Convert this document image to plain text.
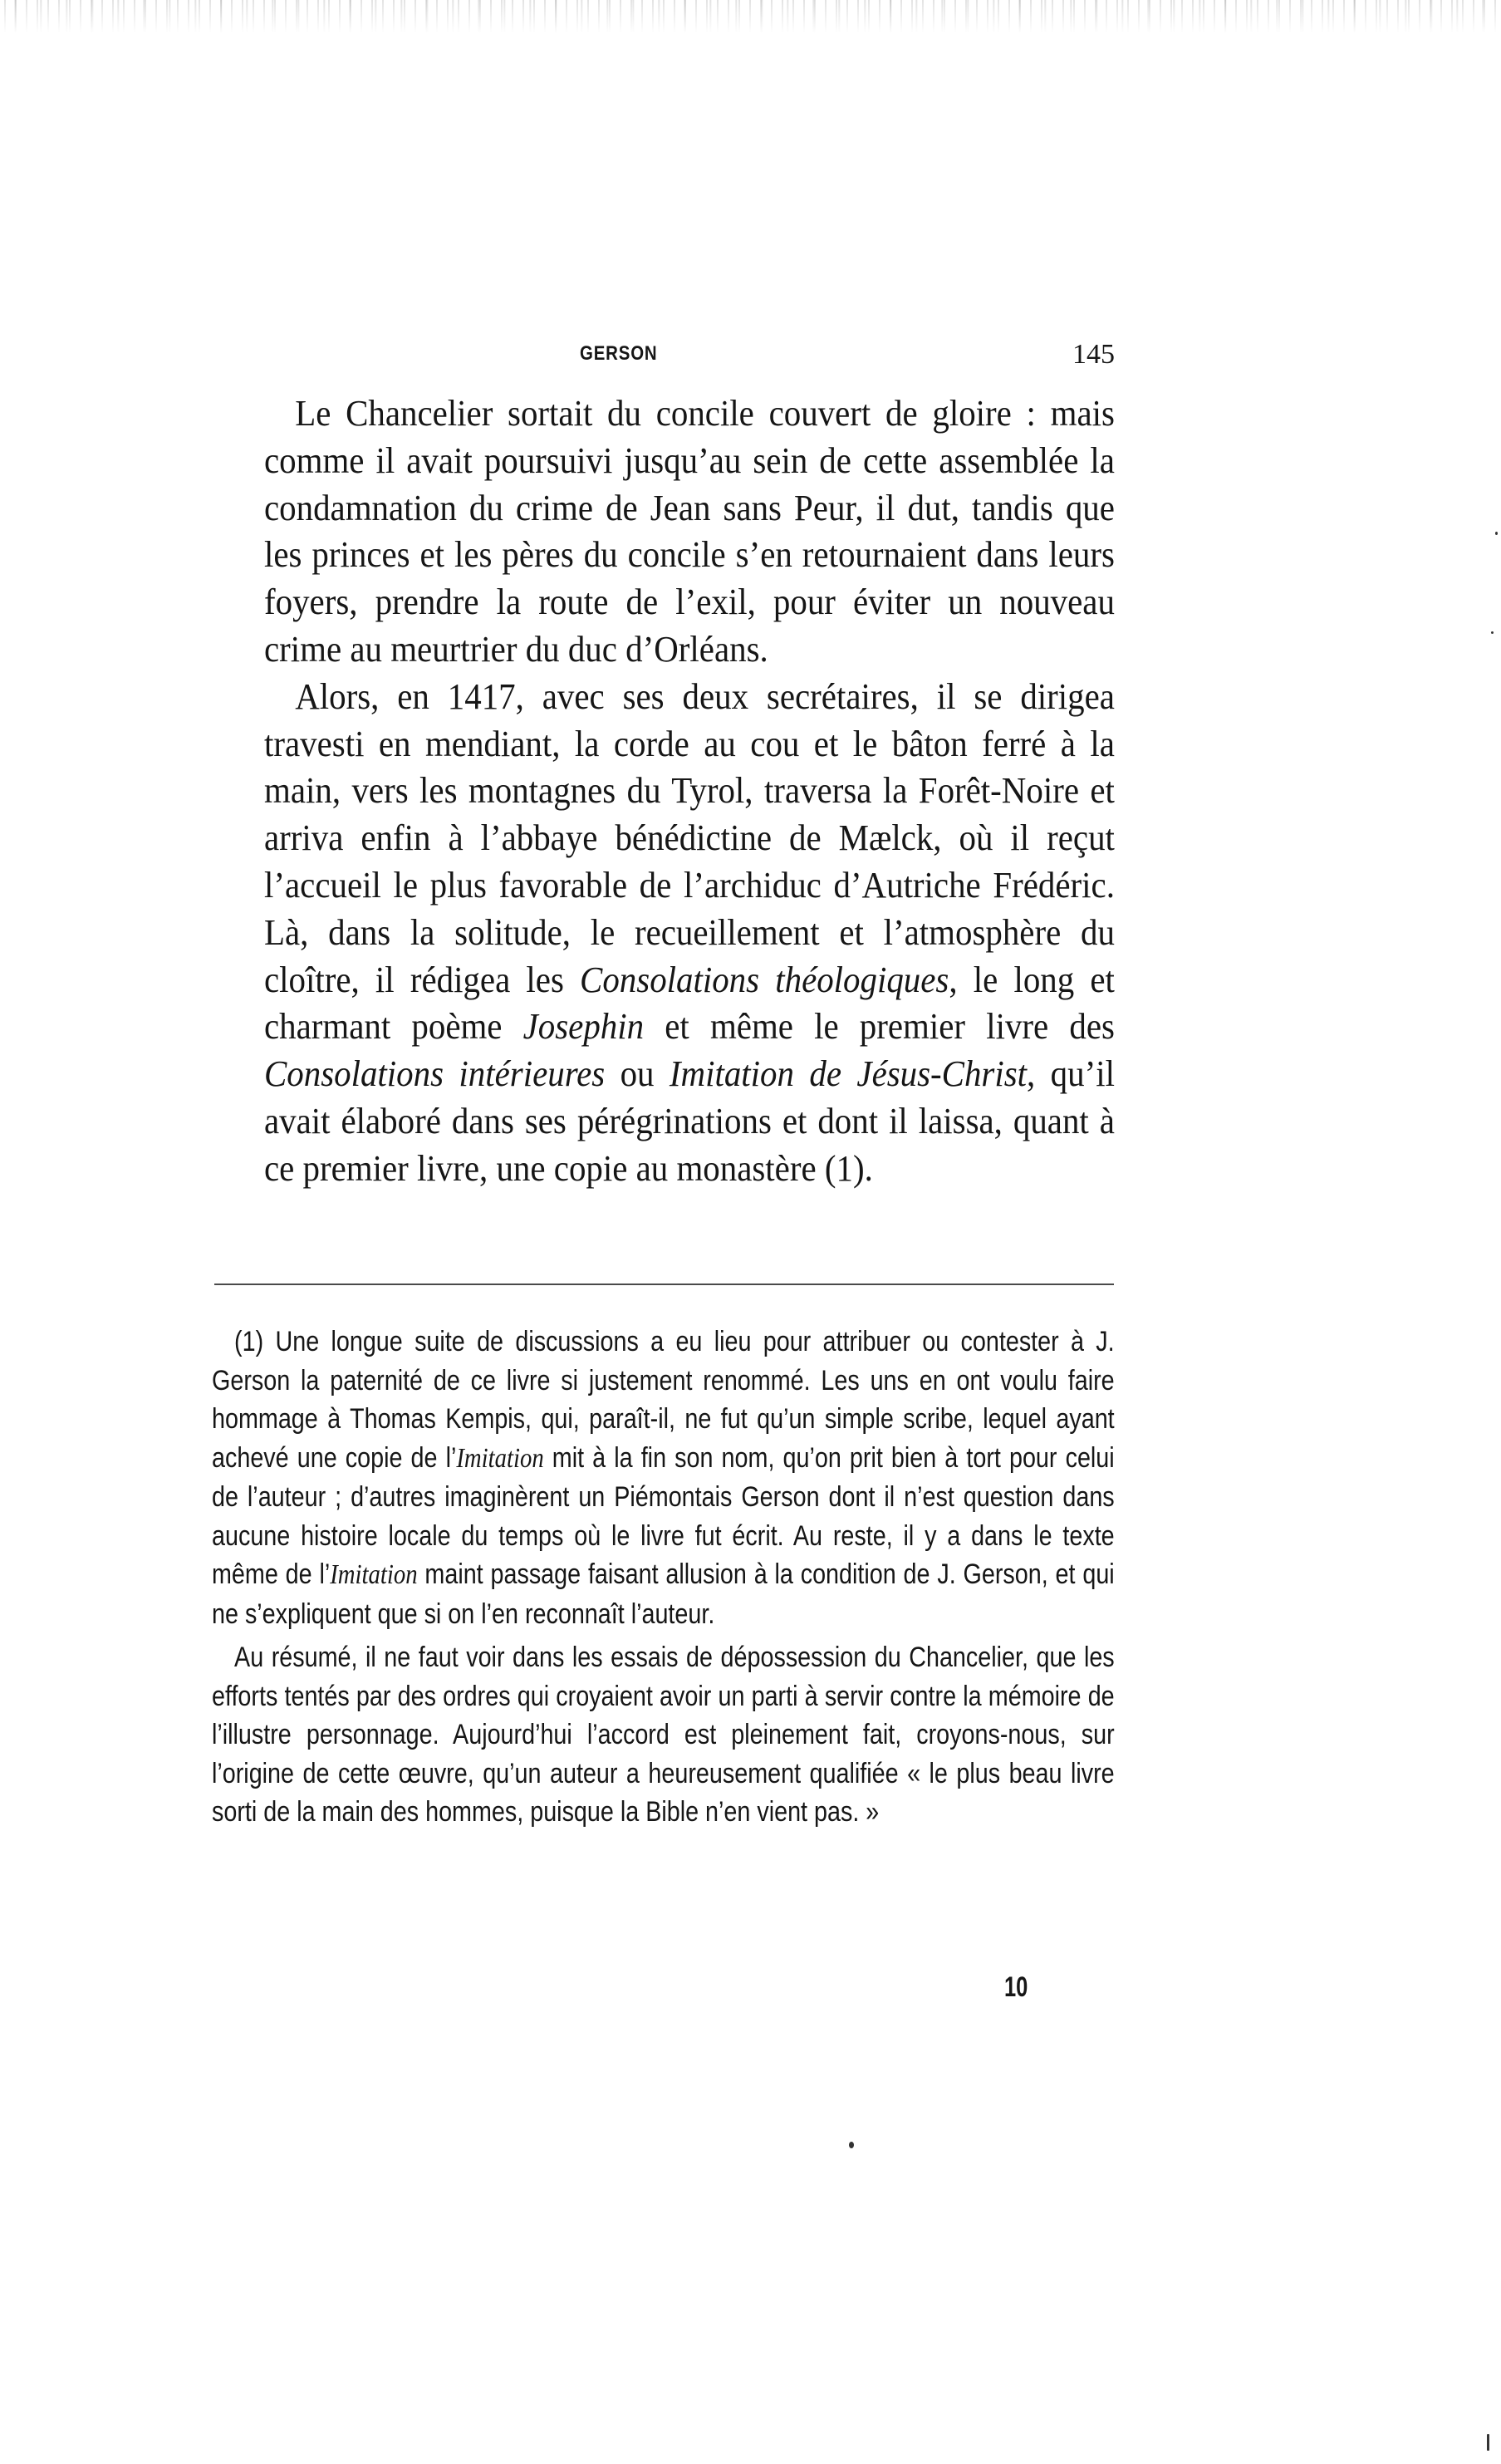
GERSON	145

Le Chancelier sortait du concile couvert de gloire : mais comme il avait poursuivi jusqu’au sein de cette assemblée la condamnation du crime de Jean sans Peur, il dut, tandis que les princes et les pères du concile s’en retournaient dans leurs foyers, prendre la route de l’exil, pour éviter un nouveau crime au meurtrier du duc d’Orléans.

Alors, en 1417, avec ses deux secrétaires, il se dirigea travesti en mendiant, la corde au cou et le bâton ferré à la main, vers les montagnes du Tyrol, traversa la Forêt-Noire et arriva enfin à l’abbaye bénédictine de Mælck, où il reçut l’accueil le plus favorable de l’archiduc d’Autriche Frédéric. Là, dans la solitude, le recueillement et l’atmosphère du cloître, il rédigea les Consolations théologiques, le long et charmant poème Josephin et même le premier livre des Consolations intérieures ou Imitation de Jésus-Christ, qu’il avait élaboré dans ses pérégrinations et dont il laissa, quant à ce premier livre, une copie au monastère (1).

(1) Une longue suite de discussions a eu lieu pour attribuer ou contester à J. Gerson la paternité de ce livre si justement renommé. Les uns en ont voulu faire hommage à Thomas Kempis, qui, paraît-il, ne fut qu’un simple scribe, lequel ayant achevé une copie de l’Imitation mit à la fin son nom, qu’on prit bien à tort pour celui de l’auteur ; d’autres imaginèrent un Piémontais Gerson dont il n’est question dans aucune histoire locale du temps où le livre fut écrit. Au reste, il y a dans le texte même de l’Imitation maint passage faisant allusion à la condition de J. Gerson, et qui ne s’expliquent que si on l’en reconnaît l’auteur.

Au résumé, il ne faut voir dans les essais de dépossession du Chancelier, que les efforts tentés par des ordres qui croyaient avoir un parti à servir contre la mémoire de l’illustre personnage. Aujourd’hui l’accord est pleinement fait, croyons-nous, sur l’origine de cette œuvre, qu’un auteur a heureusement qualifiée « le plus beau livre sorti de la main des hommes, puisque la Bible n’en vient pas. »

10
